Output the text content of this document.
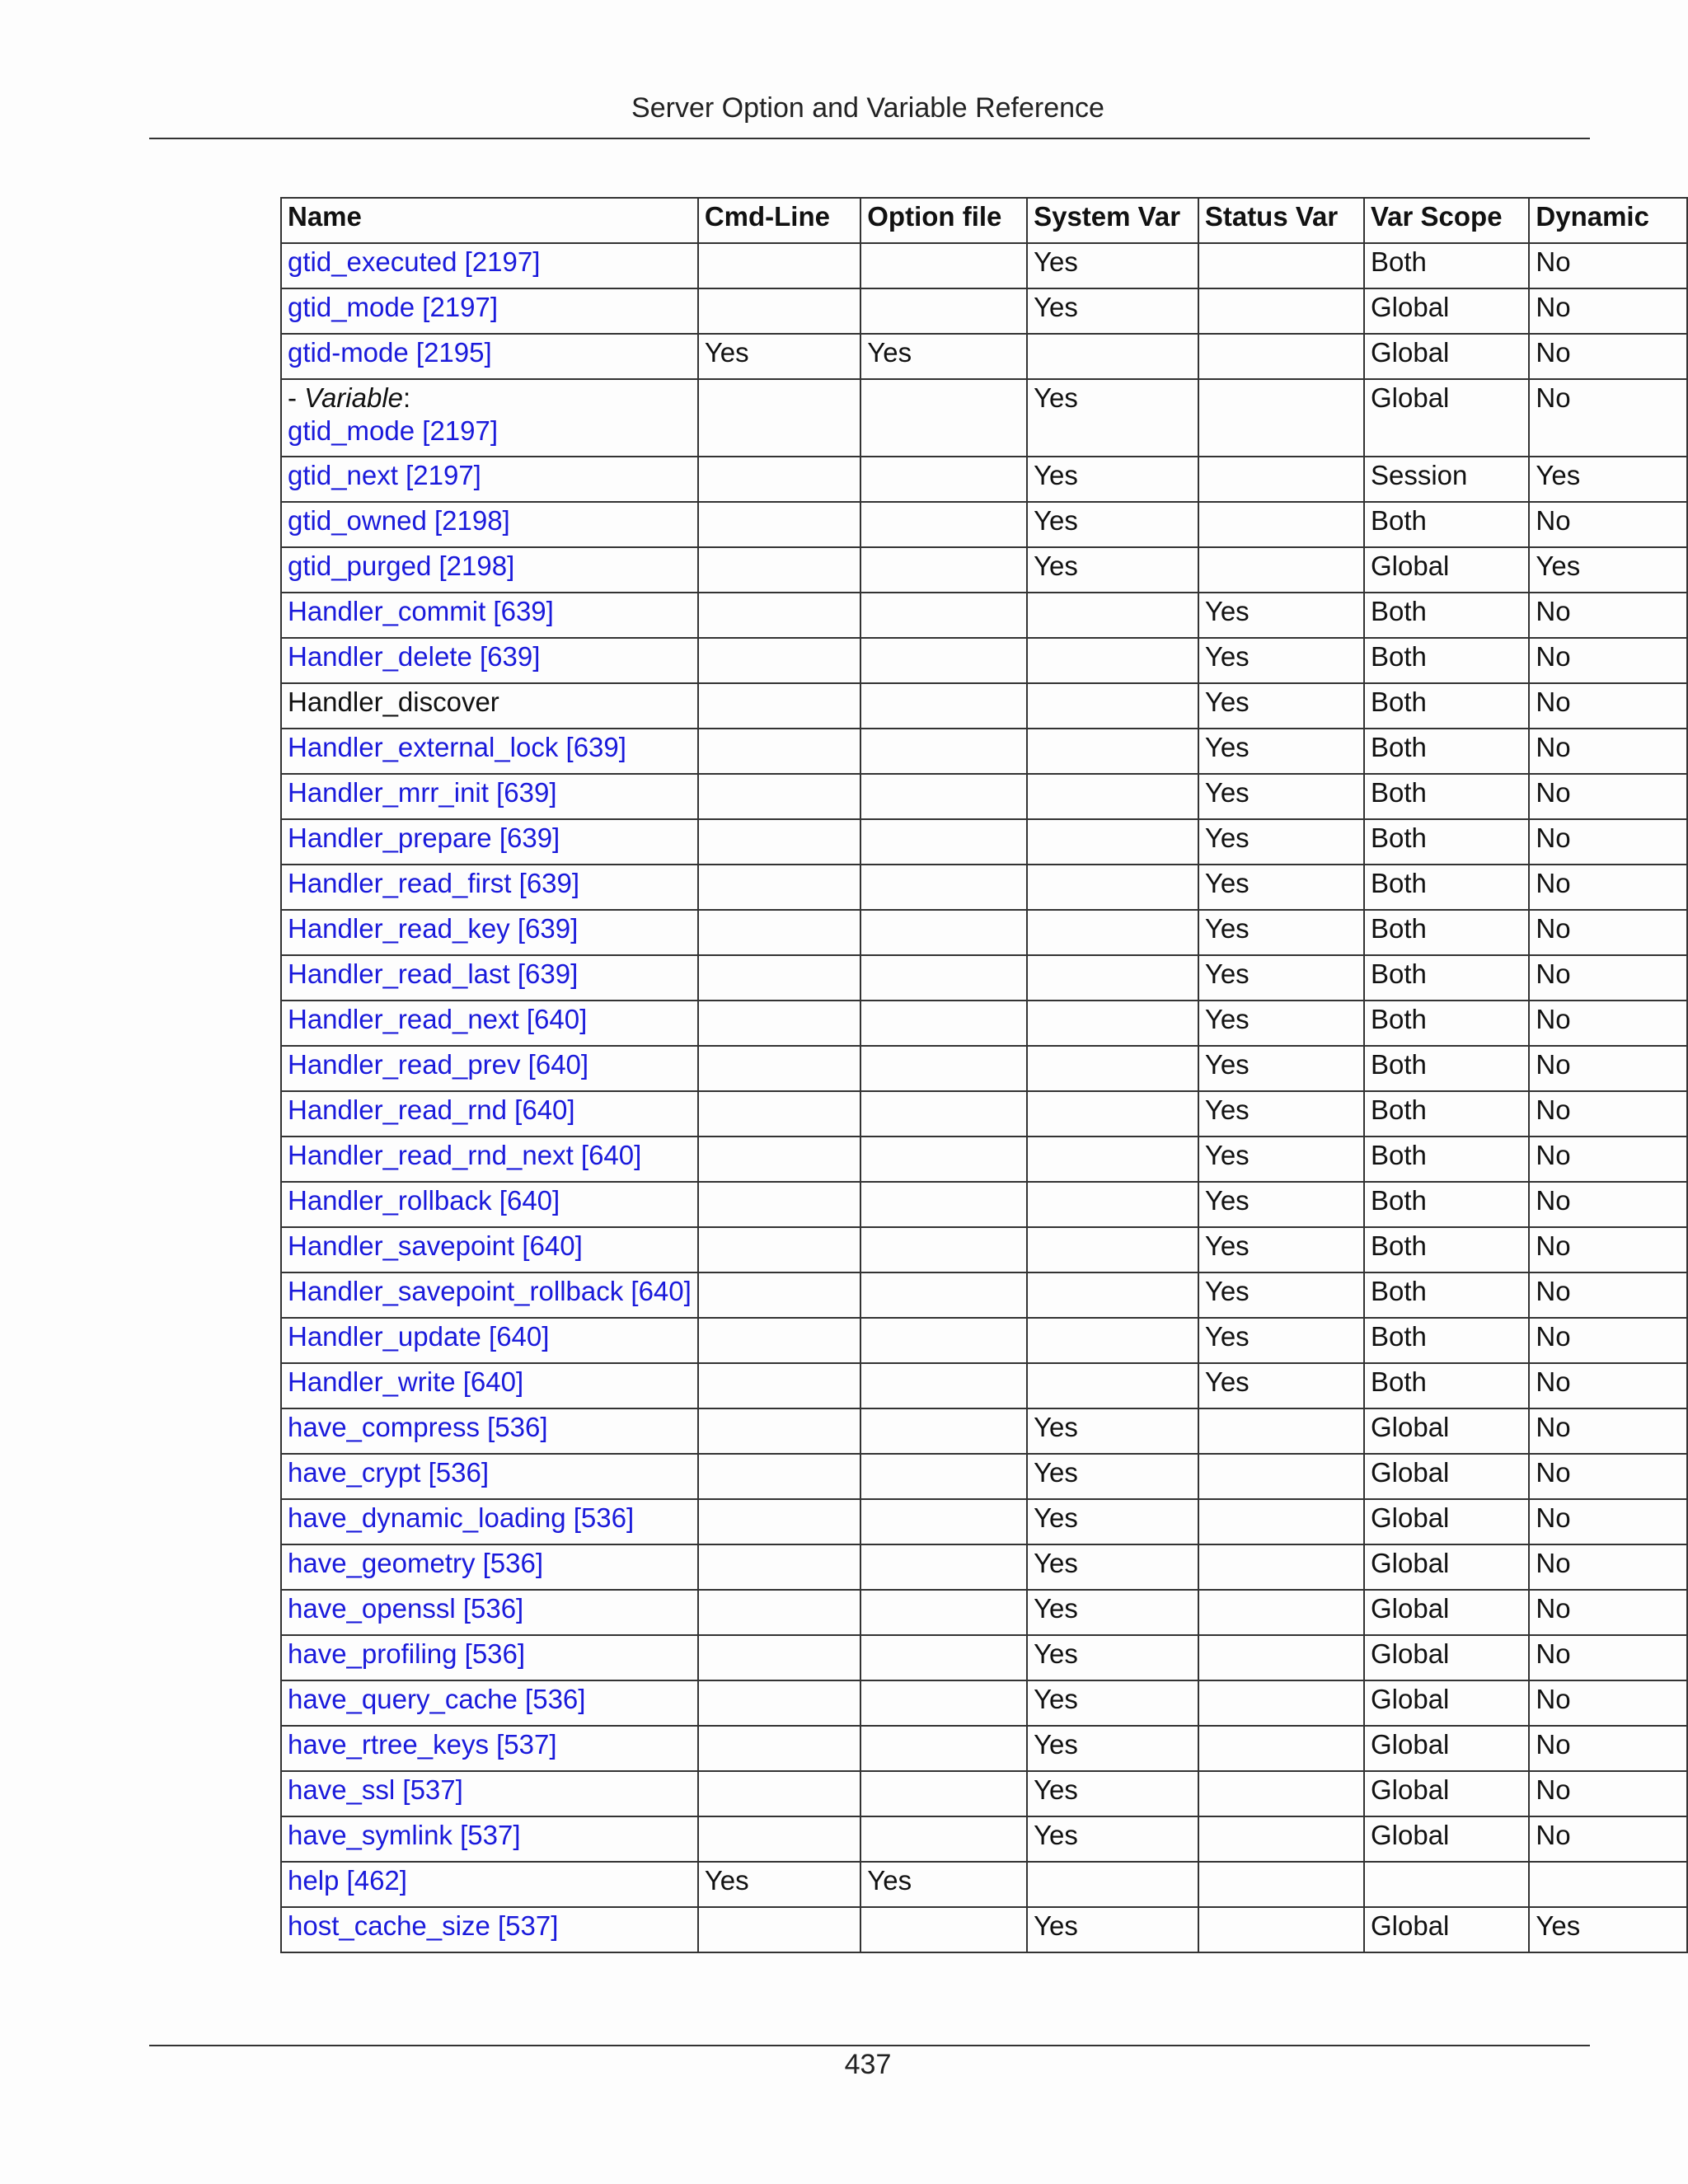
Server Option and Variable Reference
Name	Cmd-Line	Option file	System Var	Status Var	Var Scope	Dynamic
gtid_executed [2197]			Yes		Both	No
gtid_mode [2197]			Yes		Global	No
gtid-mode [2195]	Yes	Yes			Global	No
- Variable:
gtid_mode [2197]			Yes		Global	No
gtid_next [2197]			Yes		Session	Yes
gtid_owned [2198]			Yes		Both	No
gtid_purged [2198]			Yes		Global	Yes
Handler_commit [639]				Yes	Both	No
Handler_delete [639]				Yes	Both	No
Handler_discover				Yes	Both	No
Handler_external_lock [639]				Yes	Both	No
Handler_mrr_init [639]				Yes	Both	No
Handler_prepare [639]				Yes	Both	No
Handler_read_first [639]				Yes	Both	No
Handler_read_key [639]				Yes	Both	No
Handler_read_last [639]				Yes	Both	No
Handler_read_next [640]				Yes	Both	No
Handler_read_prev [640]				Yes	Both	No
Handler_read_rnd [640]				Yes	Both	No
Handler_read_rnd_next [640]				Yes	Both	No
Handler_rollback [640]				Yes	Both	No
Handler_savepoint [640]				Yes	Both	No
Handler_savepoint_rollback [640]				Yes	Both	No
Handler_update [640]				Yes	Both	No
Handler_write [640]				Yes	Both	No
have_compress [536]			Yes		Global	No
have_crypt [536]			Yes		Global	No
have_dynamic_loading [536]			Yes		Global	No
have_geometry [536]			Yes		Global	No
have_openssl [536]			Yes		Global	No
have_profiling [536]			Yes		Global	No
have_query_cache [536]			Yes		Global	No
have_rtree_keys [537]			Yes		Global	No
have_ssl [537]			Yes		Global	No
have_symlink [537]			Yes		Global	No
help [462]	Yes	Yes				
host_cache_size [537]			Yes		Global	Yes
437
